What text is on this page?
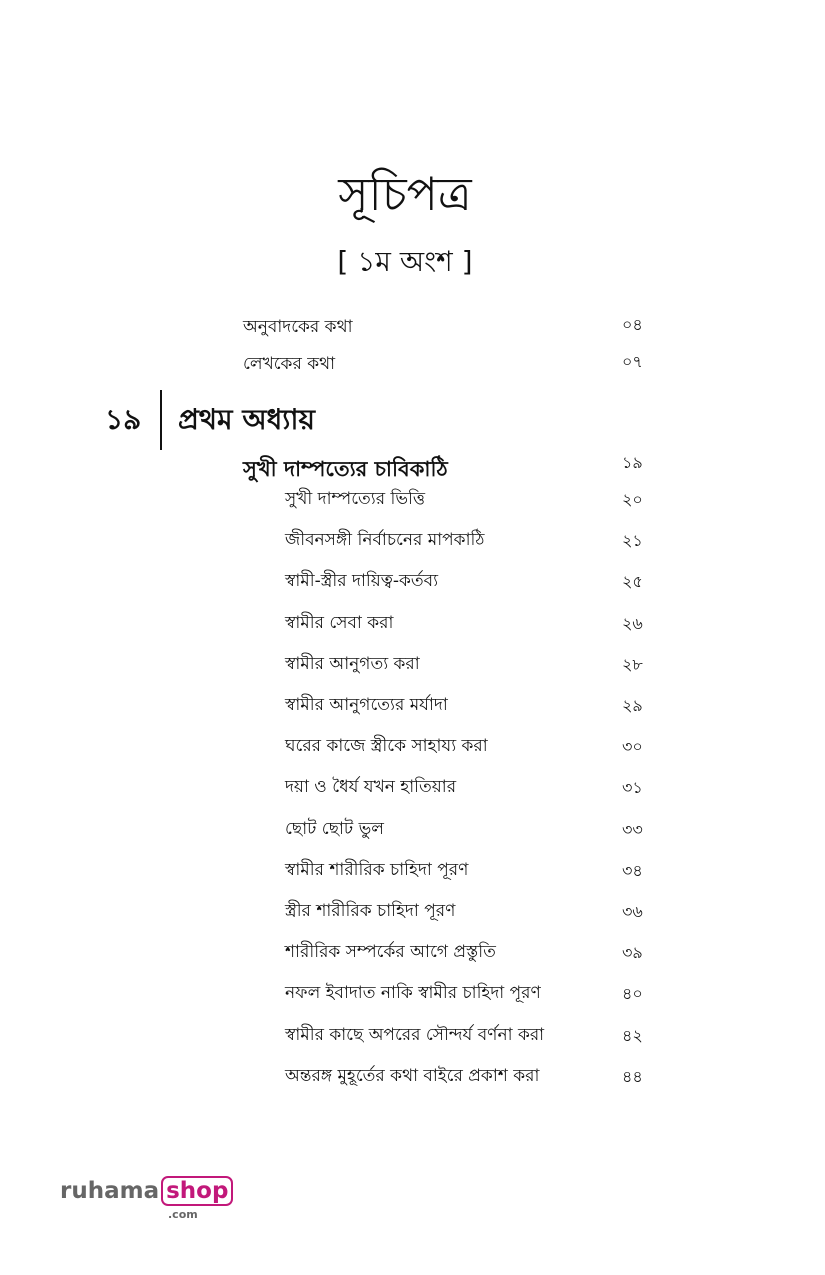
সূচিপত্র
[ ১ম অংশ ]
অনুবাদকের কথা	০৪
লেখকের কথা	০৭
১৯ প্রথম অধ্যায়
সুখী দাম্পত্যের চাবিকাঠি	১৯
সুখী দাম্পত্যের ভিত্তি	২০
জীবনসঙ্গী নির্বাচনের মাপকাঠি	২১
স্বামী-স্ত্রীর দায়িত্ব-কর্তব্য	২৫
স্বামীর সেবা করা	২৬
স্বামীর আনুগত্য করা	২৮
স্বামীর আনুগত্যের মর্যাদা	২৯
ঘরের কাজে স্ত্রীকে সাহায্য করা	৩০
দয়া ও ধৈর্য যখন হাতিয়ার	৩১
ছোট ছোট ভুল	৩৩
স্বামীর শারীরিক চাহিদা পূরণ	৩৪
স্ত্রীর শারীরিক চাহিদা পূরণ	৩৬
শারীরিক সম্পর্কের আগে প্রস্তুতি	৩৯
নফল ইবাদাত নাকি স্বামীর চাহিদা পূরণ	৪০
স্বামীর কাছে অপরের সৌন্দর্য বর্ণনা করা	৪২
অন্তরঙ্গ মুহূর্তের কথা বাইরে প্রকাশ করা	৪৪
ruhama shop
.com
